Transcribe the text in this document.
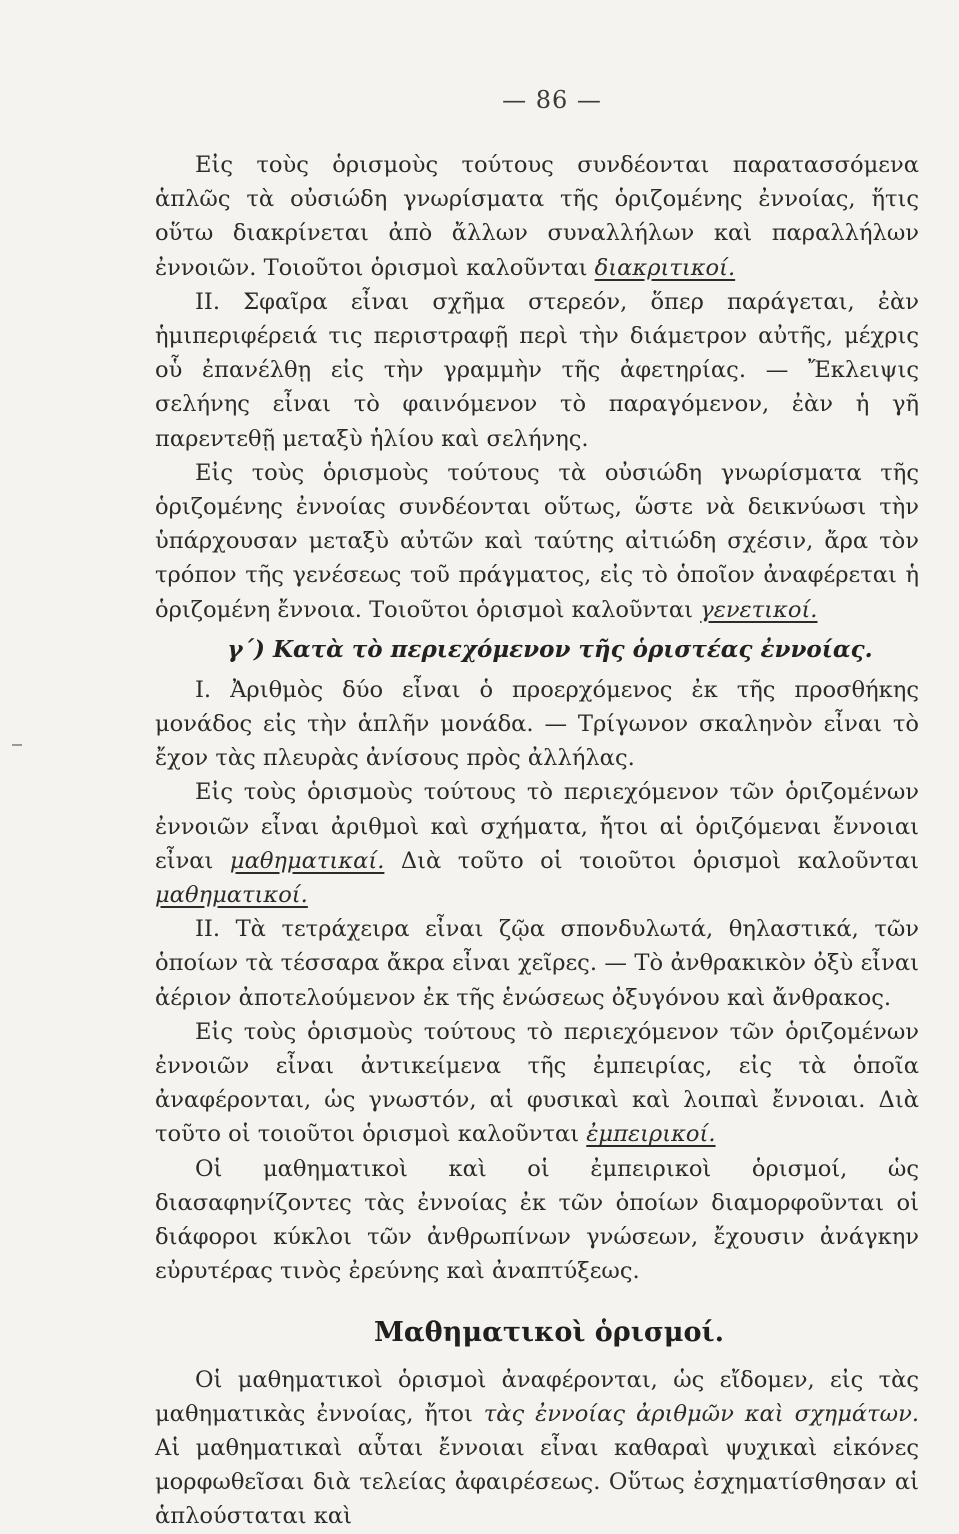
— 86 —

Εἰς τοὺς ὁρισμοὺς τούτους συνδέονται παρατασσόμενα ἁπλῶς τὰ οὐσιώδη γνωρίσματα τῆς ὁριζομένης ἐννοίας, ἥτις οὕτω διακρίνεται ἀπὸ ἄλλων συναλλήλων καὶ παραλλήλων ἐννοιῶν. Τοιοῦτοι ὁρισμοὶ καλοῦνται διακριτικοί.

ΙΙ. Σφαῖρα εἶναι σχῆμα στερεόν, ὅπερ παράγεται, ἐὰν ἡμιπεριφέρειά τις περιστραφῇ περὶ τὴν διάμετρον αὐτῆς, μέχρις οὗ ἐπανέλθῃ εἰς τὴν γραμμὴν τῆς ἀφετηρίας. — Ἔκλειψις σελήνης εἶναι τὸ φαινόμενον τὸ παραγόμενον, ἐὰν ἡ γῆ παρεντεθῇ μεταξὺ ἡλίου καὶ σελήνης.

Εἰς τοὺς ὁρισμοὺς τούτους τὰ οὐσιώδη γνωρίσματα τῆς ὁριζομένης ἐννοίας συνδέονται οὕτως, ὥστε νὰ δεικνύωσι τὴν ὑπάρχουσαν μεταξὺ αὐτῶν καὶ ταύτης αἰτιώδη σχέσιν, ἄρα τὸν τρόπον τῆς γενέσεως τοῦ πράγματος, εἰς τὸ ὁποῖον ἀναφέρεται ἡ ὁριζομένη ἔννοια. Τοιοῦτοι ὁρισμοὶ καλοῦνται γενετικοί.

γ΄) Κατὰ τὸ περιεχόμενον τῆς ὁριστέας ἐννοίας.

Ι. Ἀριθμὸς δύο εἶναι ὁ προερχόμενος ἐκ τῆς προσθήκης μονάδος εἰς τὴν ἁπλῆν μονάδα. — Τρίγωνον σκαληνὸν εἶναι τὸ ἔχον τὰς πλευρὰς ἀνίσους πρὸς ἀλλήλας.

Εἰς τοὺς ὁρισμοὺς τούτους τὸ περιεχόμενον τῶν ὁριζομένων ἐννοιῶν εἶναι ἀριθμοὶ καὶ σχήματα, ἤτοι αἱ ὁριζόμεναι ἔννοιαι εἶναι μαθηματικαί. Διὰ τοῦτο οἱ τοιοῦτοι ὁρισμοὶ καλοῦνται μαθηματικοί.

ΙΙ. Τὰ τετράχειρα εἶναι ζῷα σπονδυλωτά, θηλαστικά, τῶν ὁποίων τὰ τέσσαρα ἄκρα εἶναι χεῖρες. — Τὸ ἀνθρακικὸν ὀξὺ εἶναι ἀέριον ἀποτελούμενον ἐκ τῆς ἑνώσεως ὀξυγόνου καὶ ἄνθρακος.

Εἰς τοὺς ὁρισμοὺς τούτους τὸ περιεχόμενον τῶν ὁριζομένων ἐννοιῶν εἶναι ἀντικείμενα τῆς ἐμπειρίας, εἰς τὰ ὁποῖα ἀναφέρονται, ὡς γνωστόν, αἱ φυσικαὶ καὶ λοιπαὶ ἔννοιαι. Διὰ τοῦτο οἱ τοιοῦτοι ὁρισμοὶ καλοῦνται ἐμπειρικοί.

Οἱ μαθηματικοὶ καὶ οἱ ἐμπειρικοὶ ὁρισμοί, ὡς διασαφηνίζοντες τὰς ἐννοίας ἐκ τῶν ὁποίων διαμορφοῦνται οἱ διάφοροι κύκλοι τῶν ἀνθρωπίνων γνώσεων, ἔχουσιν ἀνάγκην εὐρυτέρας τινὸς ἐρεύνης καὶ ἀναπτύξεως.

Μαθηματικοὶ ὁρισμοί.

Οἱ μαθηματικοὶ ὁρισμοὶ ἀναφέρονται, ὡς εἴδομεν, εἰς τὰς μαθηματικὰς ἐννοίας, ἤτοι τὰς ἐννοίας ἀριθμῶν καὶ σχημάτων. Αἱ μαθηματικαὶ αὗται ἔννοιαι εἶναι καθαραὶ ψυχικαὶ εἰκόνες μορφωθεῖσαι διὰ τελείας ἀφαιρέσεως. Οὕτως ἐσχηματίσθησαν αἱ ἁπλούσταται καὶ
